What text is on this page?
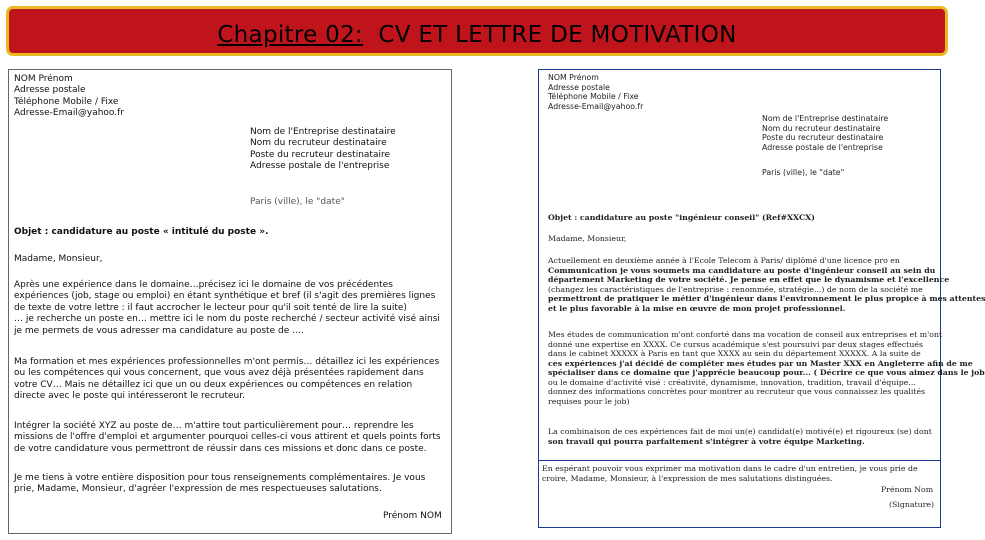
Chapitre 02: CV ET LETTRE DE MOTIVATION
NOM Prénom
Adresse postale
Téléphone Mobile / Fixe
Adresse-Email@yahoo.fr
Nom de l'Entreprise destinataire
Nom du recruteur destinataire
Poste du recruteur destinataire
Adresse postale de l'entreprise
Paris (ville), le "date"
Objet : candidature au poste « intitulé du poste ».
Madame, Monsieur,
Après une expérience dans le domaine…précisez ici le domaine de vos précédentes
expériences (job, stage ou emploi) en étant synthétique et bref (il s'agit des premières lignes
de texte de votre lettre : il faut accrocher le lecteur pour qu'il soit tenté de lire la suite)
… je recherche un poste en… mettre ici le nom du poste recherché / secteur activité visé ainsi
je me permets de vous adresser ma candidature au poste de ….
Ma formation et mes expériences professionnelles m'ont permis… détaillez ici les expériences
ou les compétences qui vous concernent, que vous avez déjà présentées rapidement dans
votre CV… Mais ne détaillez ici que un ou deux expériences ou compétences en relation
directe avec le poste qui intéresseront le recruteur.
Intégrer la société XYZ au poste de… m'attire tout particulièrement pour… reprendre les
missions de l'offre d'emploi et argumenter pourquoi celles-ci vous attirent et quels points forts
de votre candidature vous permettront de réussir dans ces missions et donc dans ce poste.
Je me tiens à votre entière disposition pour tous renseignements complémentaires. Je vous
prie, Madame, Monsieur, d'agréer l'expression de mes respectueuses salutations.
Prénom NOM
NOM Prénom
Adresse postale
Téléphone Mobile / Fixe
Adresse-Email@yahoo.fr
Nom de l'Entreprise destinataire
Nom du recruteur destinataire
Poste du recruteur destinataire
Adresse postale de l'entreprise
Paris (ville), le "date"
Objet : candidature au poste "ingénieur conseil" (Ref#XXCX)
Madame, Monsieur,
Actuellement en deuxième année à l'Ecole Telecom à Paris/ diplômé d'une licence pro en
Communication je vous soumets ma candidature au poste d'ingénieur conseil au sein du
département Marketing de votre société. Je pense en effet que le dynamisme et l'excellence
(changez les caractéristiques de l'entreprise : renommée, stratégie...) de nom de la société me
permettront de pratiquer le métier d'ingénieur dans l'environnement le plus propice à mes attentes
et le plus favorable à la mise en œuvre de mon projet professionnel.
Mes études de communication m'ont conforté dans ma vocation de conseil aux entreprises et m'ont
donné une expertise en XXXX. Ce cursus académique s'est poursuivi par deux stages effectués
dans le cabinet XXXXX à Paris en tant que XXXX au sein du département XXXXX. A la suite de
ces expériences j'ai décidé de compléter mes études par un Master XXX en Angleterre afin de me
spécialiser dans ce domaine que j'apprécie beaucoup pour... ( Décrire ce que vous aimez dans le job
ou le domaine d'activité visé : créativité, dynamisme, innovation, tradition, travail d'équipe...
donnez des informations concrètes pour montrer au recruteur que vous connaissez les qualités
requises pour le job)
La combinaison de ces expériences fait de moi un(e) candidat(e) motivé(e) et rigoureux (se) dont
son travail qui pourra parfaitement s'intégrer à votre équipe Marketing.
En espérant pouvoir vous exprimer ma motivation dans le cadre d'un entretien, je vous prie de
croire, Madame, Monsieur, à l'expression de mes salutations distinguées.
Prénom Nom
(Signature)
